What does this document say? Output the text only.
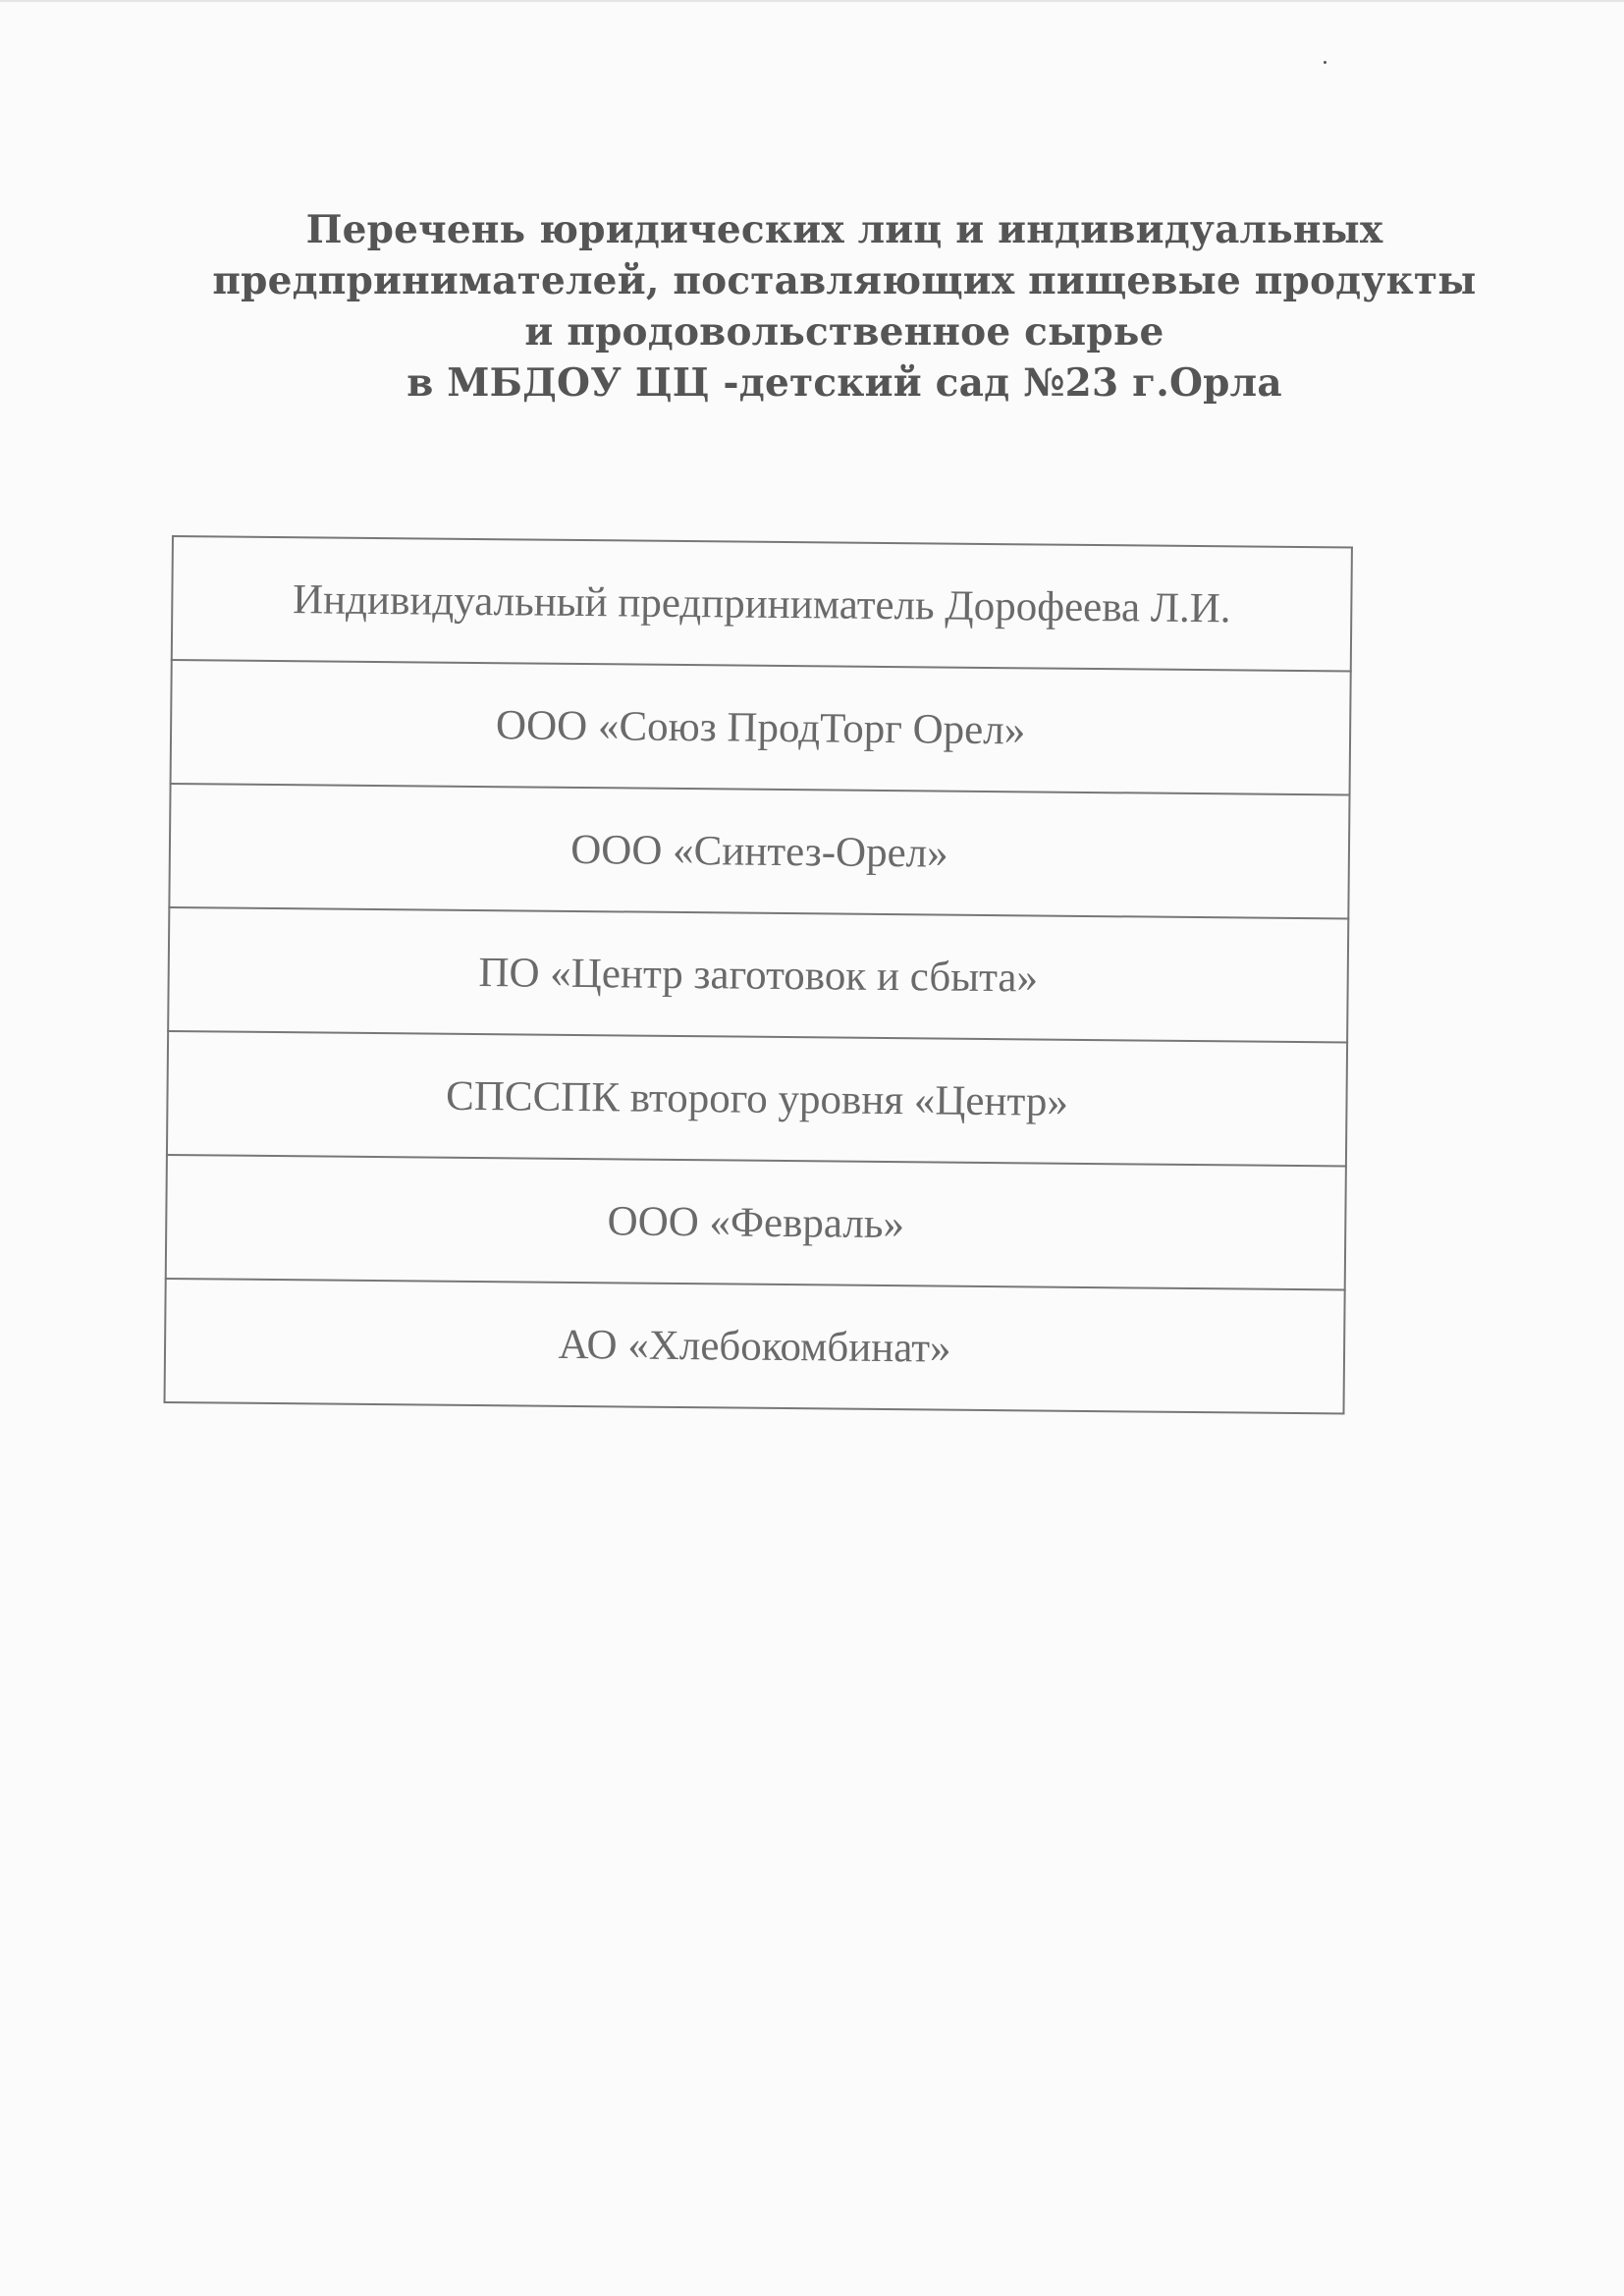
Перечень юридических лиц и индивидуальных
предпринимателей, поставляющих пищевые продукты
и продовольственное сырье
в МБДОУ ЦЦ -детский сад №23 г.Орла
Индивидуальный предприниматель Дорофеева Л.И.
ООО «Союз ПродТорг Орел»
ООО «Синтез-Орел»
ПО «Центр заготовок и сбыта»
СПССПК второго уровня «Центр»
ООО «Февраль»
АО «Хлебокомбинат»
